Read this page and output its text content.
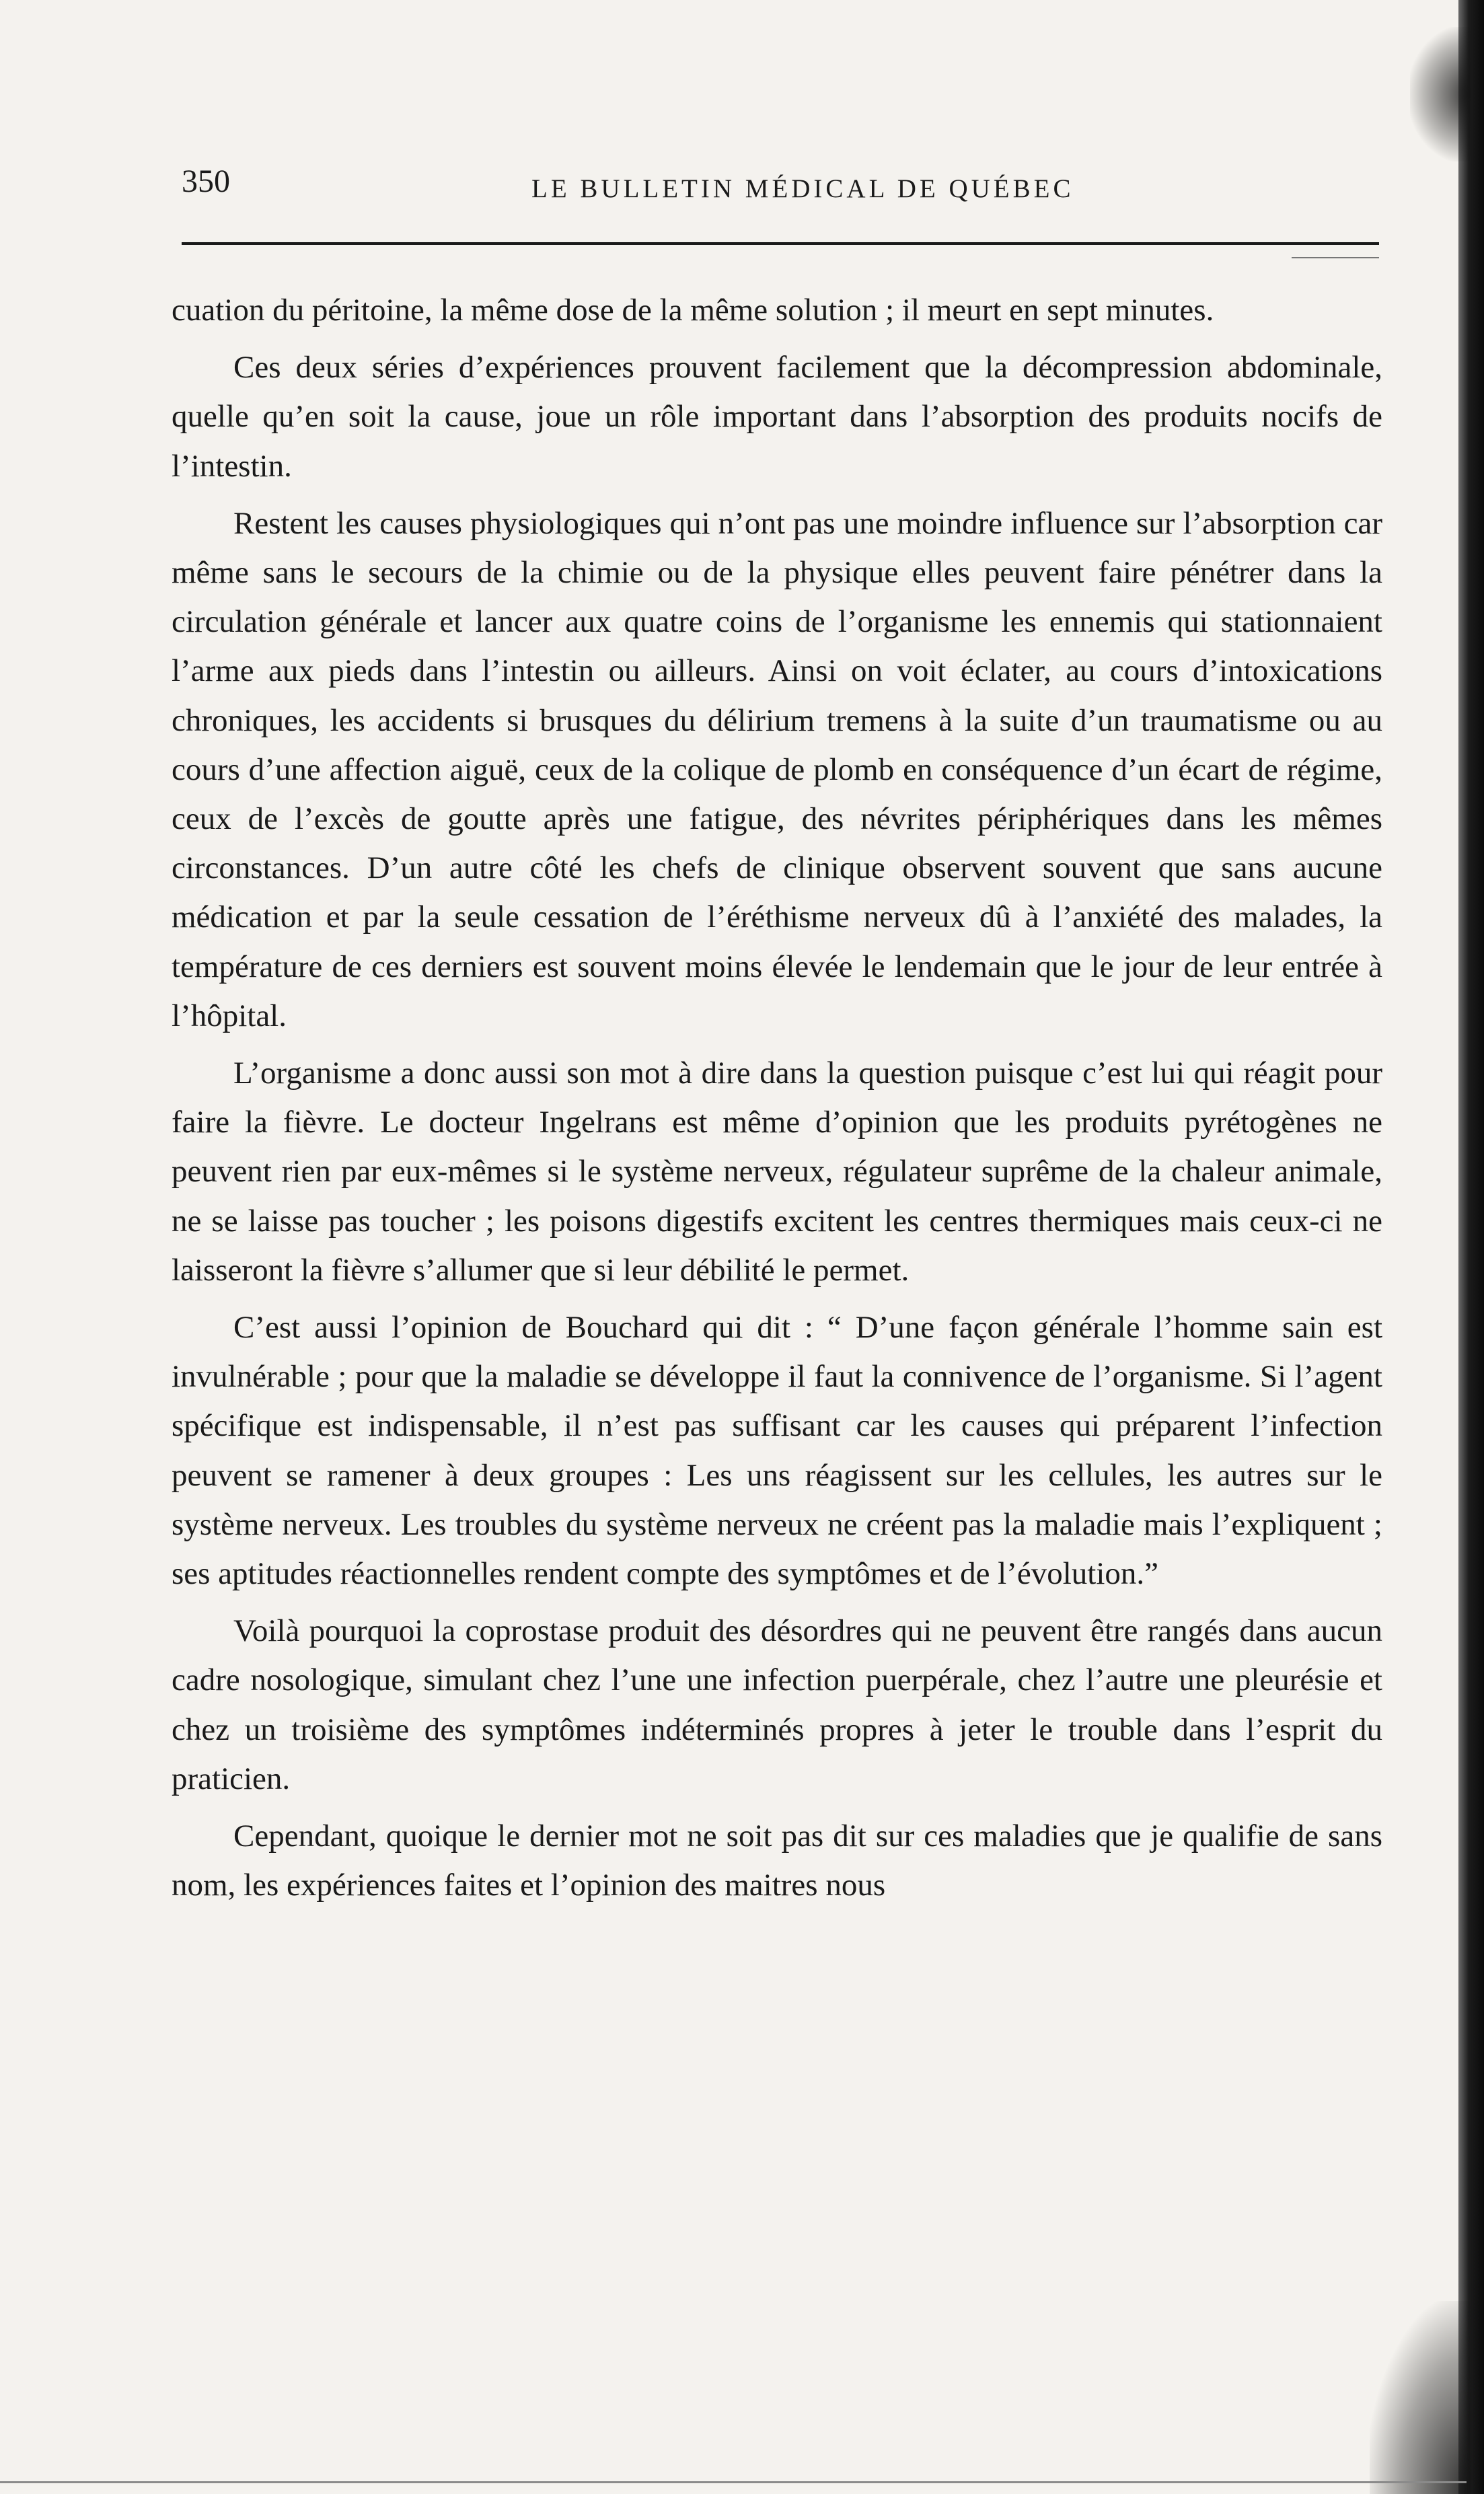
350	LE BULLETIN MÉDICAL DE QUÉBEC

cuation du péritoine, la même dose de la même solution ; il meurt en sept minutes.

Ces deux séries d’expériences prouvent facilement que la décompression abdominale, quelle qu’en soit la cause, joue un rôle important dans l’absorption des produits nocifs de l’intestin.

Restent les causes physiologiques qui n’ont pas une moindre influence sur l’absorption car même sans le secours de la chimie ou de la physique elles peuvent faire pénétrer dans la circulation générale et lancer aux quatre coins de l’organisme les ennemis qui stationnaient l’arme aux pieds dans l’intestin ou ailleurs. Ainsi on voit éclater, au cours d’intoxications chroniques, les accidents si brusques du délirium tremens à la suite d’un traumatisme ou au cours d’une affection aiguë, ceux de la colique de plomb en conséquence d’un écart de régime, ceux de l’excès de goutte après une fatigue, des névrites périphériques dans les mêmes circonstances. D’un autre côté les chefs de clinique observent souvent que sans aucune médication et par la seule cessation de l’éréthisme nerveux dû à l’anxiété des malades, la température de ces derniers est souvent moins élevée le lendemain que le jour de leur entrée à l’hôpital.

L’organisme a donc aussi son mot à dire dans la question puisque c’est lui qui réagit pour faire la fièvre. Le docteur Ingelrans est même d’opinion que les produits pyrétogènes ne peuvent rien par eux-mêmes si le système nerveux, régulateur suprême de la chaleur animale, ne se laisse pas toucher ; les poisons digestifs excitent les centres thermiques mais ceux-ci ne laisseront la fièvre s’allumer que si leur débilité le permet.

C’est aussi l’opinion de Bouchard qui dit : “ D’une façon générale l’homme sain est invulnérable ; pour que la maladie se développe il faut la connivence de l’organisme. Si l’agent spécifique est indispensable, il n’est pas suffisant car les causes qui préparent l’infection peuvent se ramener à deux groupes : Les uns réagissent sur les cellules, les autres sur le système nerveux. Les troubles du système nerveux ne créent pas la maladie mais l’expliquent ; ses aptitudes réactionnelles rendent compte des symptômes et de l’évolution.”

Voilà pourquoi la coprostase produit des désordres qui ne peuvent être rangés dans aucun cadre nosologique, simulant chez l’une une infection puerpérale, chez l’autre une pleurésie et chez un troisième des symptômes indéterminés propres à jeter le trouble dans l’esprit du praticien.

Cependant, quoique le dernier mot ne soit pas dit sur ces maladies que je qualifie de sans nom, les expériences faites et l’opinion des maitres nous
